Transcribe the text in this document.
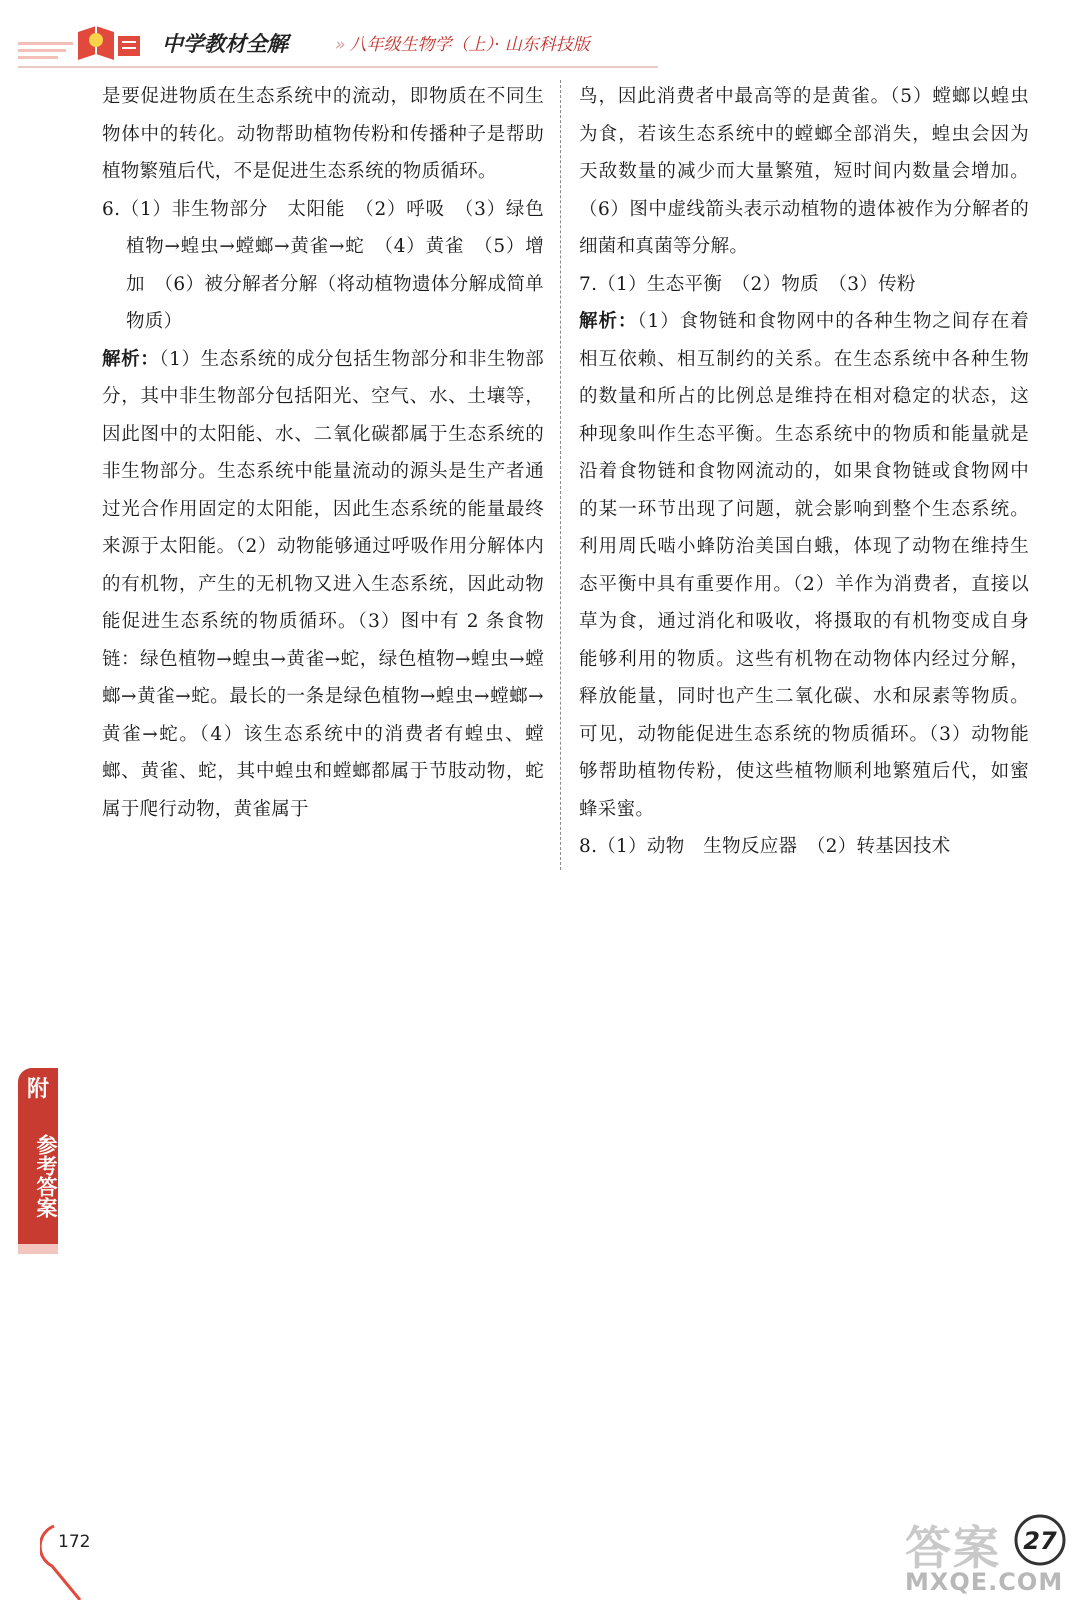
中学教材全解	» 八年级生物学（上）· 山东科技版

是要促进物质在生态系统中的流动，即物质在不同生物体中的转化。动物帮助植物传粉和传播种子是帮助植物繁殖后代，不是促进生态系统的物质循环。

6.（1）非生物部分　太阳能　（2）呼吸　（3）绿色植物→蝗虫→螳螂→黄雀→蛇　（4）黄雀　（5）增加　（6）被分解者分解（将动植物遗体分解成简单物质）

解析：（1）生态系统的成分包括生物部分和非生物部分，其中非生物部分包括阳光、空气、水、土壤等，因此图中的太阳能、水、二氧化碳都属于生态系统的非生物部分。生态系统中能量流动的源头是生产者通过光合作用固定的太阳能，因此生态系统的能量最终来源于太阳能。（2）动物能够通过呼吸作用分解体内的有机物，产生的无机物又进入生态系统，因此动物能促进生态系统的物质循环。（3）图中有 2 条食物链：绿色植物→蝗虫→黄雀→蛇，绿色植物→蝗虫→螳螂→黄雀→蛇。最长的一条是绿色植物→蝗虫→螳螂→黄雀→蛇。（4）该生态系统中的消费者有蝗虫、螳螂、黄雀、蛇，其中蝗虫和螳螂都属于节肢动物，蛇属于爬行动物，黄雀属于

鸟，因此消费者中最高等的是黄雀。（5）螳螂以蝗虫为食，若该生态系统中的螳螂全部消失，蝗虫会因为天敌数量的减少而大量繁殖，短时间内数量会增加。（6）图中虚线箭头表示动植物的遗体被作为分解者的细菌和真菌等分解。

7.（1）生态平衡　（2）物质　（3）传粉

解析：（1）食物链和食物网中的各种生物之间存在着相互依赖、相互制约的关系。在生态系统中各种生物的数量和所占的比例总是维持在相对稳定的状态，这种现象叫作生态平衡。生态系统中的物质和能量就是沿着食物链和食物网流动的，如果食物链或食物网中的某一环节出现了问题，就会影响到整个生态系统。利用周氏啮小蜂防治美国白蛾，体现了动物在维持生态平衡中具有重要作用。（2）羊作为消费者，直接以草为食，通过消化和吸收，将摄取的有机物变成自身能够利用的物质。这些有机物在动物体内经过分解，释放能量，同时也产生二氧化碳、水和尿素等物质。可见，动物能促进生态系统的物质循环。（3）动物能够帮助植物传粉，使这些植物顺利地繁殖后代，如蜜蜂采蜜。

8.（1）动物　生物反应器　（2）转基因技术

附
参考答案
172	答案
MXQE.COM
27
